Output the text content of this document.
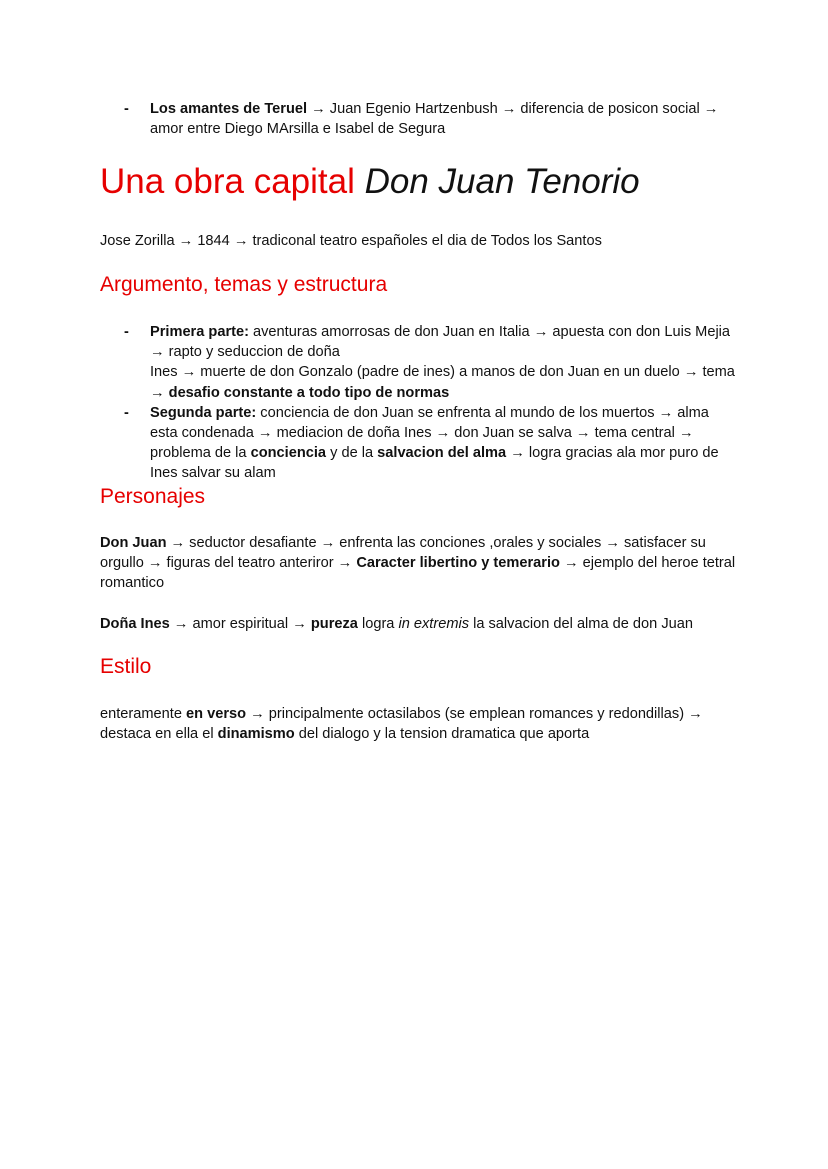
- Los amantes de Teruel → Juan Egenio Hartzenbush → diferencia de posicon social → amor entre Diego MArsilla e Isabel de Segura
Una obra capital Don Juan Tenorio

Jose Zorilla → 1844 → tradiconal teatro españoles el dia de Todos los Santos

Argumento, temas y estructura
- Primera parte: aventuras amorrosas de don Juan en Italia → apuesta con don Luis Mejia → rapto y seduccion de doña
Ines → muerte de don Gonzalo (padre de ines) a manos de don Juan en un duelo → tema → desafio constante a todo tipo de normas
- Segunda parte: conciencia de don Juan se enfrenta al mundo de los muertos → alma esta condenada → mediacion de doña Ines → don Juan se salva → tema central → problema de la conciencia y de la salvacion del alma → logra gracias ala mor puro de Ines salvar su alam
Personajes

Don Juan → seductor desafiante → enfrenta las conciones ,orales y sociales → satisfacer su orgullo → figuras del teatro anteriror → Caracter libertino y temerario → ejemplo del heroe tetral romantico

Doña Ines → amor espiritual → pureza logra in extremis la salvacion del alma de don Juan

Estilo

enteramente en verso → principalmente octasilabos (se emplean romances y redondillas) → destaca en ella el dinamismo del dialogo y la tension dramatica que aporta
